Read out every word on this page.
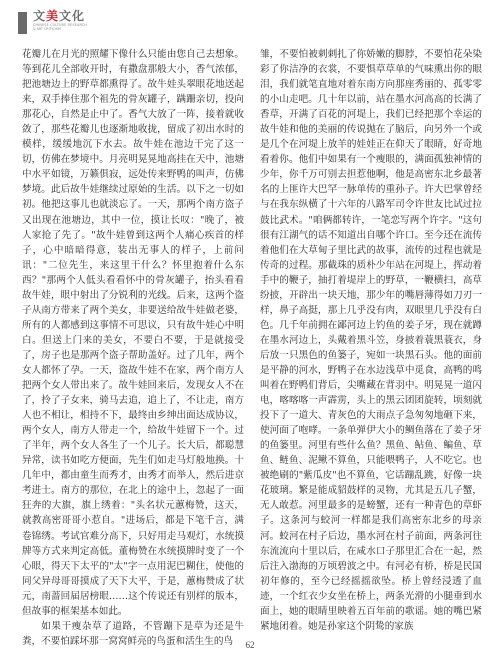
文美文化
CHINESE CULTURE RESEARCH
& ART CRITICISM

花瓣儿在月光的照耀下像什么只能由您自己去想象。等到花儿全部收开时，有撒盘那般大小，香气浓郁，把池塘边上的野草都熏得了。故牛娃头翠眼花地送起来，双手捧住那个祖先的骨灰罐子，蹒跚亲切，投向那花心，自然是止中了。香气大放了一阵，接着就收敛了，那些花瓣儿也逐渐地收拢，留成了初出水时的模样，缓缓地沉下水去。故牛娃在池边干完了这一切，仿佛在梦境中。月亮明晃晃地高挂在天中，池塘中水平如镜，万籁俱寂，远处传来野鸭的叫声，仿佛梦境。此后故牛娃继续过原始的生活。以下之一切如初。他把这事儿也就淡忘了。一天，那两个南方盗子又出现在池塘边，其中一位，摸让长叹："晚了，被人家抢了先了。"故牛娃曾到这两个人痛心疾首的样子，心中暗暗得意，装出无事人的样子，上前问讯："二位先生，来这里干什么？怀里抱着什么东西？"那两个人低头看看怀中的骨灰罐子，抬头看看故牛娃，眼中射出了分锐利的光线。后来，这两个盗子从南方带来了两个美女，非要送给故牛娃做老婆，所有的人都感到这事情不可思议，只有故牛娃心中明白。但送上门来的美女，不要白不要，于是就接受了，房子也是那两个盗子帮助盖好。过了几年，两个女人都怀了孕。一天，盗故牛娃不在家，两个南方人把两个女人带出来了。故牛娃回来后，发现女人不在了，拎了子女来，骑马去追，追上了，不让走，南方人也不相让，相持不下，最终由乡绅出面达成协议，两个女人，南方人带走一个，给故牛娃留下一个。过了半年，两个女人各生了一个儿子。长大后，都聪慧异常，读书如吃方便面，先生们如走马灯般地换。十几年中，都由童生而秀才，由秀才而举人，然后进京考进士。南方的那位，在北上的途中上，忽起了一面狂奔的大旗，旗上绣着："头名状元蕙梅赞，这天，就教高密哥哥小惹自。"进场后，都是下笔千言，满卷锦绣。考试官难分高下，只好用走马观灯，水统摸牌等方式来判定高低。董梅赞在水统摸牌时变了一个心眼，得天下太平的"太"字一点用泥巴糊住，使他的同父异母哥哥摸成了天下大平，于是，蕙梅赞成了状元，南蔷回届居榜眼……这个传说还有别样的版本，但故事的框架基本如此。

如果干瘦杂草了道路，不管蹦下是草为还是牛粪，不要怕踩坏那一窝窝鲜亮的鸟蛋和活生生的鸟

雏，不要怕被刺刺扎了你娇嫩的脚脖，不要怕花朵染彩了你洁净的衣裳，不要惧草草单的气味熏出你的眼泪，我们就笔直地对着东南方向那座秀丽的、孤零零的小山走吧。几十年以前，站在墨水河高高的长满了香草，开满了百花的河堤上，我们已经把那个幸运的故牛娃和他的美丽的传说抛在了脑后，向另外一个或是几个在河堤上放羊的娃娃正在仰天了眼睛，好奇地看着你。他们中如果有一个瘦眼的，满面孤独神情的少年，你千万可别去担惹他啊，他是高密东北乡最著名的上匪许大巴罕一脉单传的重孙子。许大巴掌曾经与在我东纵横了十六年的八路军司令许世友比试过拉鼓比武术。"咱俩都转许，一笔恋写两个许字。"这句很有江湖气的话不知道出自哪个许口。至今还在流传着他们在大草甸子里比武的故事，流传的过程也就是传奇的过程。那截珠的质朴少年站在河堤上，挥动着手中的鞭子，抽打着堤岸上的野草，一鞭横扫，高草纷披，开辟出一块天地，那少年的嘴唇薄得如刀刃一样，鼻子高挺，那上几乎没有肉，双眼里几乎没有白色。几千年前拥在鄙河边上钓鱼的姜子牙，现在就蹲在墨水河边上，头戴着黑斗笠，身披着蓑黑蓑衣，身后放一只黑色的鱼篓子，宛如一块黑石头。他的面前是平静的河水，野鸭子在水边浅草中觅食，高鸭的鸣叫着在野鸭们背后，尖嘴藏在背羽中。明晃晃一道闪电，喀喀喀一声霹雳，头上的黑云团团旋转，顷刻就投下了一道大、青灰色的大雨点子急匆匆地砸下来，使河面了咆哮。一条单弹伊大小的鲷鱼落在了姜子牙的鱼篓里。河里有些什么鱼？黑鱼、鲇鱼、鳊鱼、草鱼、鲢鱼、泥鳅不算鱼，只能喂鸭子，人不吃它。也被绝刷的"紫瓜皮"也不算鱼，它话蹦乱跳，好像一块花玻璃。繁是能成貂鼓样的灵物，尤其是五几子蟹，无人敢惹。河里最多的是螃蟹，还有一种青色的草虾子。这条河与蛟河一样都是我们高密东北乡的母亲河。蛟河在村子后边，墨水河在村子前面，两条河往东流流向十里以后，在咸水口子那里汇合在一起，然后注入渤海的万顷碧波之中。有河必有桥，桥是民国初年修的，至今已经摇摇欲坠。桥上曾经浸透了血迹，一个红衣少女坐在桥上，两条光滑的小腿垂到水面上，她的眼睛里映着五百年前的歌谣。她的嘴巴紧紧地闭着。她是孙家这个阴鸷的家族

62
